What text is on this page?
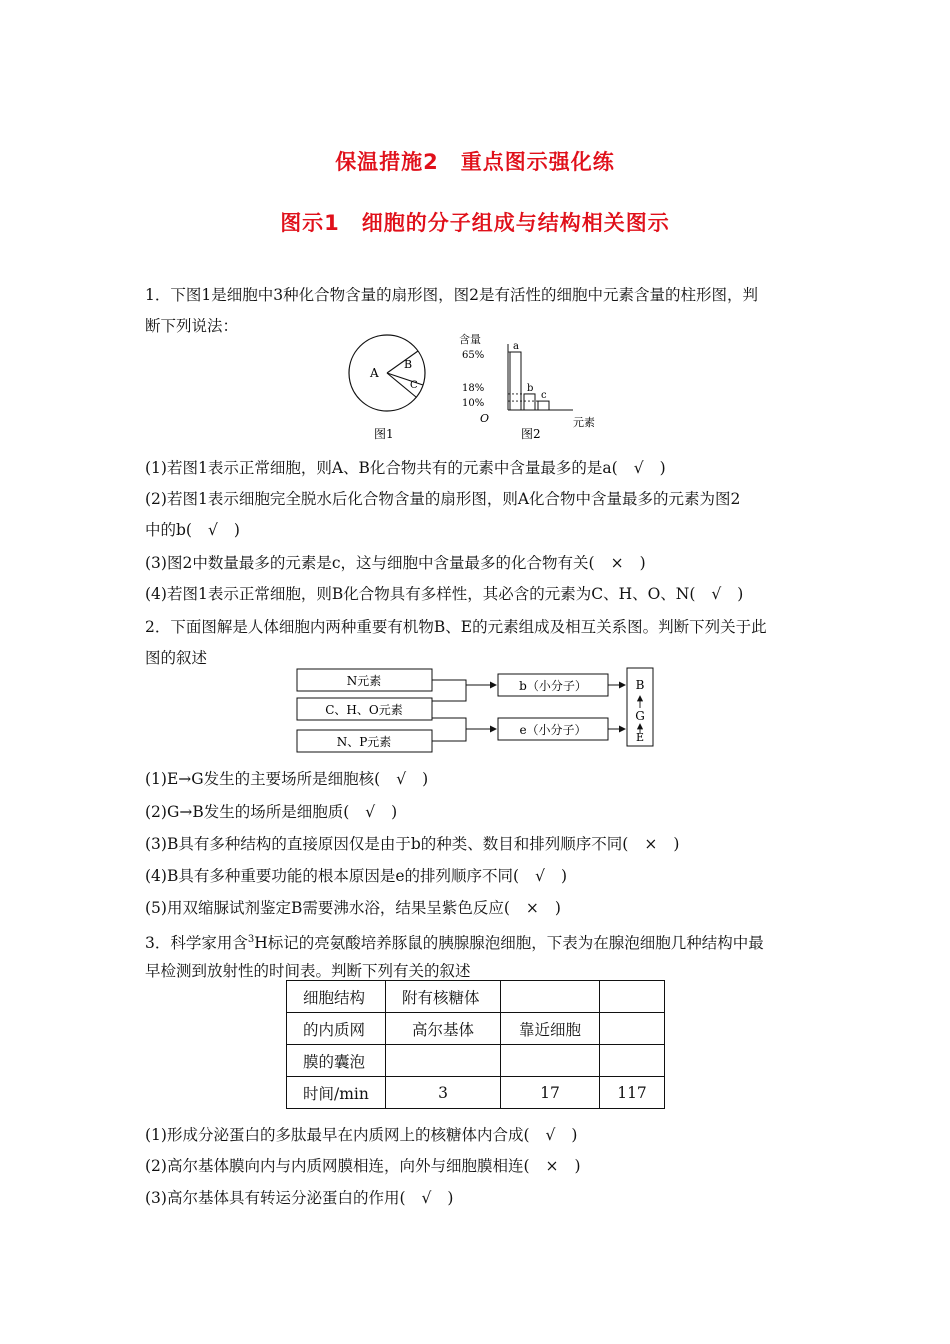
保温措施2　重点图示强化练
图示1　细胞的分子组成与结构相关图示
1．下图1是细胞中3种化合物含量的扇形图，图2是有活性的细胞中元素含量的柱形图，判
断下列说法：
A
B
C
图1
含量
65%
18%
10%
O	元素
图2
a
b
c
(1)若图1表示正常细胞，则A、B化合物共有的元素中含量最多的是a( √ )
(2)若图1表示细胞完全脱水后化合物含量的扇形图，则A化合物中含量最多的元素为图2
中的b( √ )
(3)图2中数量最多的元素是c，这与细胞中含量最多的化合物有关( × )
(4)若图1表示正常细胞，则B化合物具有多样性，其必含的元素为C、H、O、N( √ )
2．下面图解是人体细胞内两种重要有机物B、E的元素组成及相互关系图。判断下列关于此
图的叙述
N元素
C、H、O元素
N、P元素
b（小分子）
e（小分子）
B
G
E
(1)E→G发生的主要场所是细胞核( √ )
(2)G→B发生的场所是细胞质( √ )
(3)B具有多种结构的直接原因仅是由于b的种类、数目和排列顺序不同( × )
(4)B具有多种重要功能的根本原因是e的排列顺序不同( √ )
(5)用双缩脲试剂鉴定B需要沸水浴，结果呈紫色反应( × )
3．科学家用含$^3$H标记的亮氨酸培养豚鼠的胰腺腺泡细胞，下表为在腺泡细胞几种结构中最
早检测到放射性的时间表。判断下列有关的叙述
细胞结构	附有核糖体		
的内质网	高尔基体	靠近细胞	
膜的囊泡			
时间/min	3	17	117
(1)形成分泌蛋白的多肽最早在内质网上的核糖体内合成( √ )
(2)高尔基体膜向内与内质网膜相连，向外与细胞膜相连( × )
(3)高尔基体具有转运分泌蛋白的作用( √ )
